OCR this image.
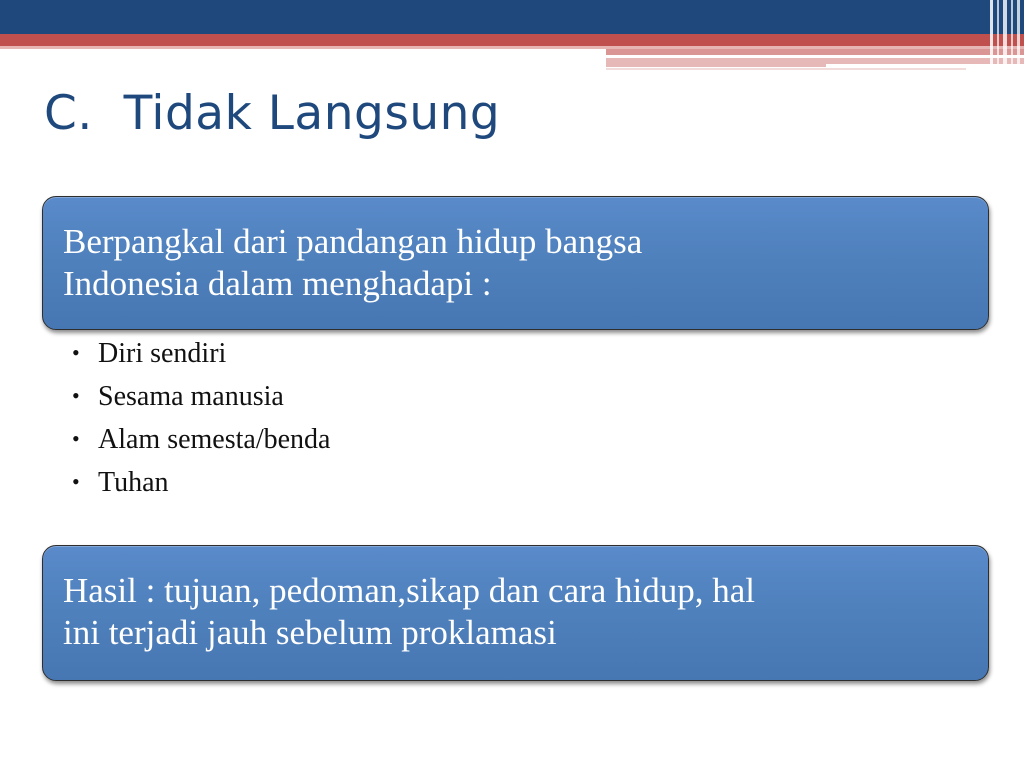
C.  Tidak Langsung

Berpangkal dari pandangan hidup bangsa
Indonesia dalam menghadapi :

• Diri sendiri
• Sesama manusia
• Alam semesta/benda
• Tuhan

Hasil : tujuan, pedoman,sikap dan cara hidup, hal
ini terjadi jauh sebelum proklamasi
